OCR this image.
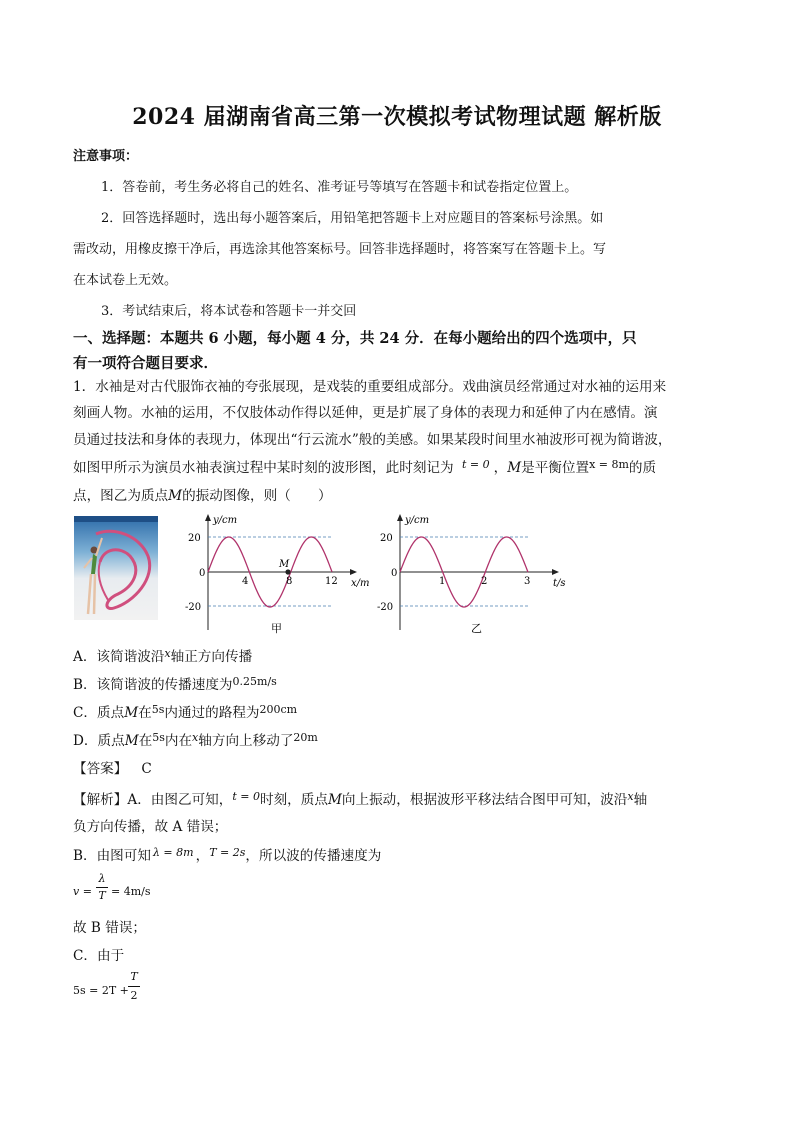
2024 届湖南省高三第一次模拟考试物理试题 解析版
注意事项：
1．答卷前，考生务必将自己的姓名、准考证号等填写在答题卡和试卷指定位置上。
2．回答选择题时，选出每小题答案后，用铅笔把答题卡上对应题目的答案标号涂黑。如
需改动，用橡皮擦干净后，再选涂其他答案标号。回答非选择题时，将答案写在答题卡上。写
在本试卷上无效。
3．考试结束后，将本试卷和答题卡一并交回
一、选择题：本题共 6 小题，每小题 4 分，共 24 分．在每小题给出的四个选项中，只
有一项符合题目要求．
1．水袖是对古代服饰衣袖的夸张展现，是戏装的重要组成部分。戏曲演员经常通过对水袖的运用来
刻画人物。水袖的运用，不仅肢体动作得以延伸，更是扩展了身体的表现力和延伸了内在感情。演
员通过技法和身体的表现力，体现出“行云流水”般的美感。如果某段时间里水袖波形可视为简谐波，
如图甲所示为演员水袖表演过程中某时刻的波形图，此时刻记为 $^{t = 0}$ ，M是平衡位置$^{x = 8m}$的质
点，图乙为质点M的振动图像，则（　　）
y/cm
20
0
-20
4	8	12
M
x/m
甲
y/cm
20
0
-20
1	2	3 t/s
乙
A．该简谐波沿$^x$轴正方向传播
B．该简谐波的传播速度为$^{0.25m/s}$
C．质点M在$^{5s}$内通过的路程为$^{200cm}$
D．质点M在$^{5s}$内在$^x$轴方向上移动了$^{20m}$
【答案】 C
【解析】A．由图乙可知，$^{t = 0}$时刻，质点M向上振动，根据波形平移法结合图甲可知，波沿$^x$轴
负方向传播，故 A 错误；
B．由图可知 $^{\lambda = 8m}$ ，$^{T = 2s}$，所以波的传播速度为
v =
λ
T = 4m/s
故 B 错误；
C．由于
5s = 2T +
T
2
